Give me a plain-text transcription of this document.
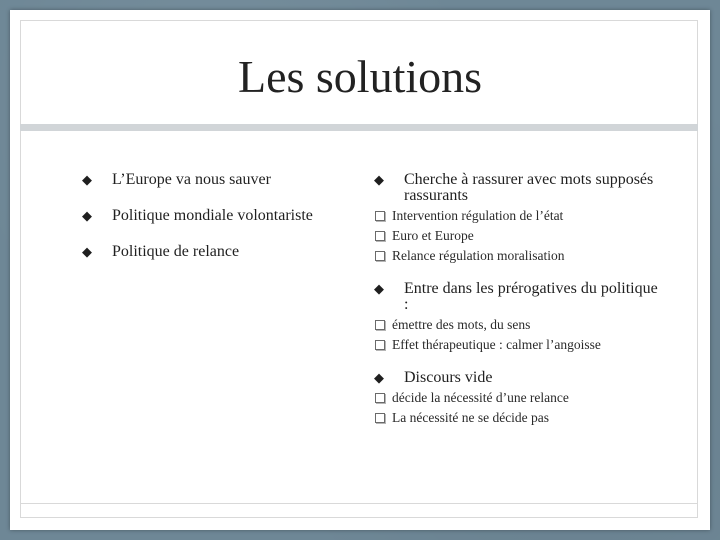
Les solutions
◆ L’Europe va nous sauver
◆ Politique mondiale volontariste
◆ Politique de relance
◆ Cherche à rassurer avec mots supposés rassurants
Intervention régulation de l’état
Euro et Europe
Relance régulation moralisation
◆ Entre dans les prérogatives du politique :
émettre des mots, du sens
Effet thérapeutique : calmer l’angoisse
◆ Discours vide
décide la nécessité d’une relance
La nécessité ne se décide pas
